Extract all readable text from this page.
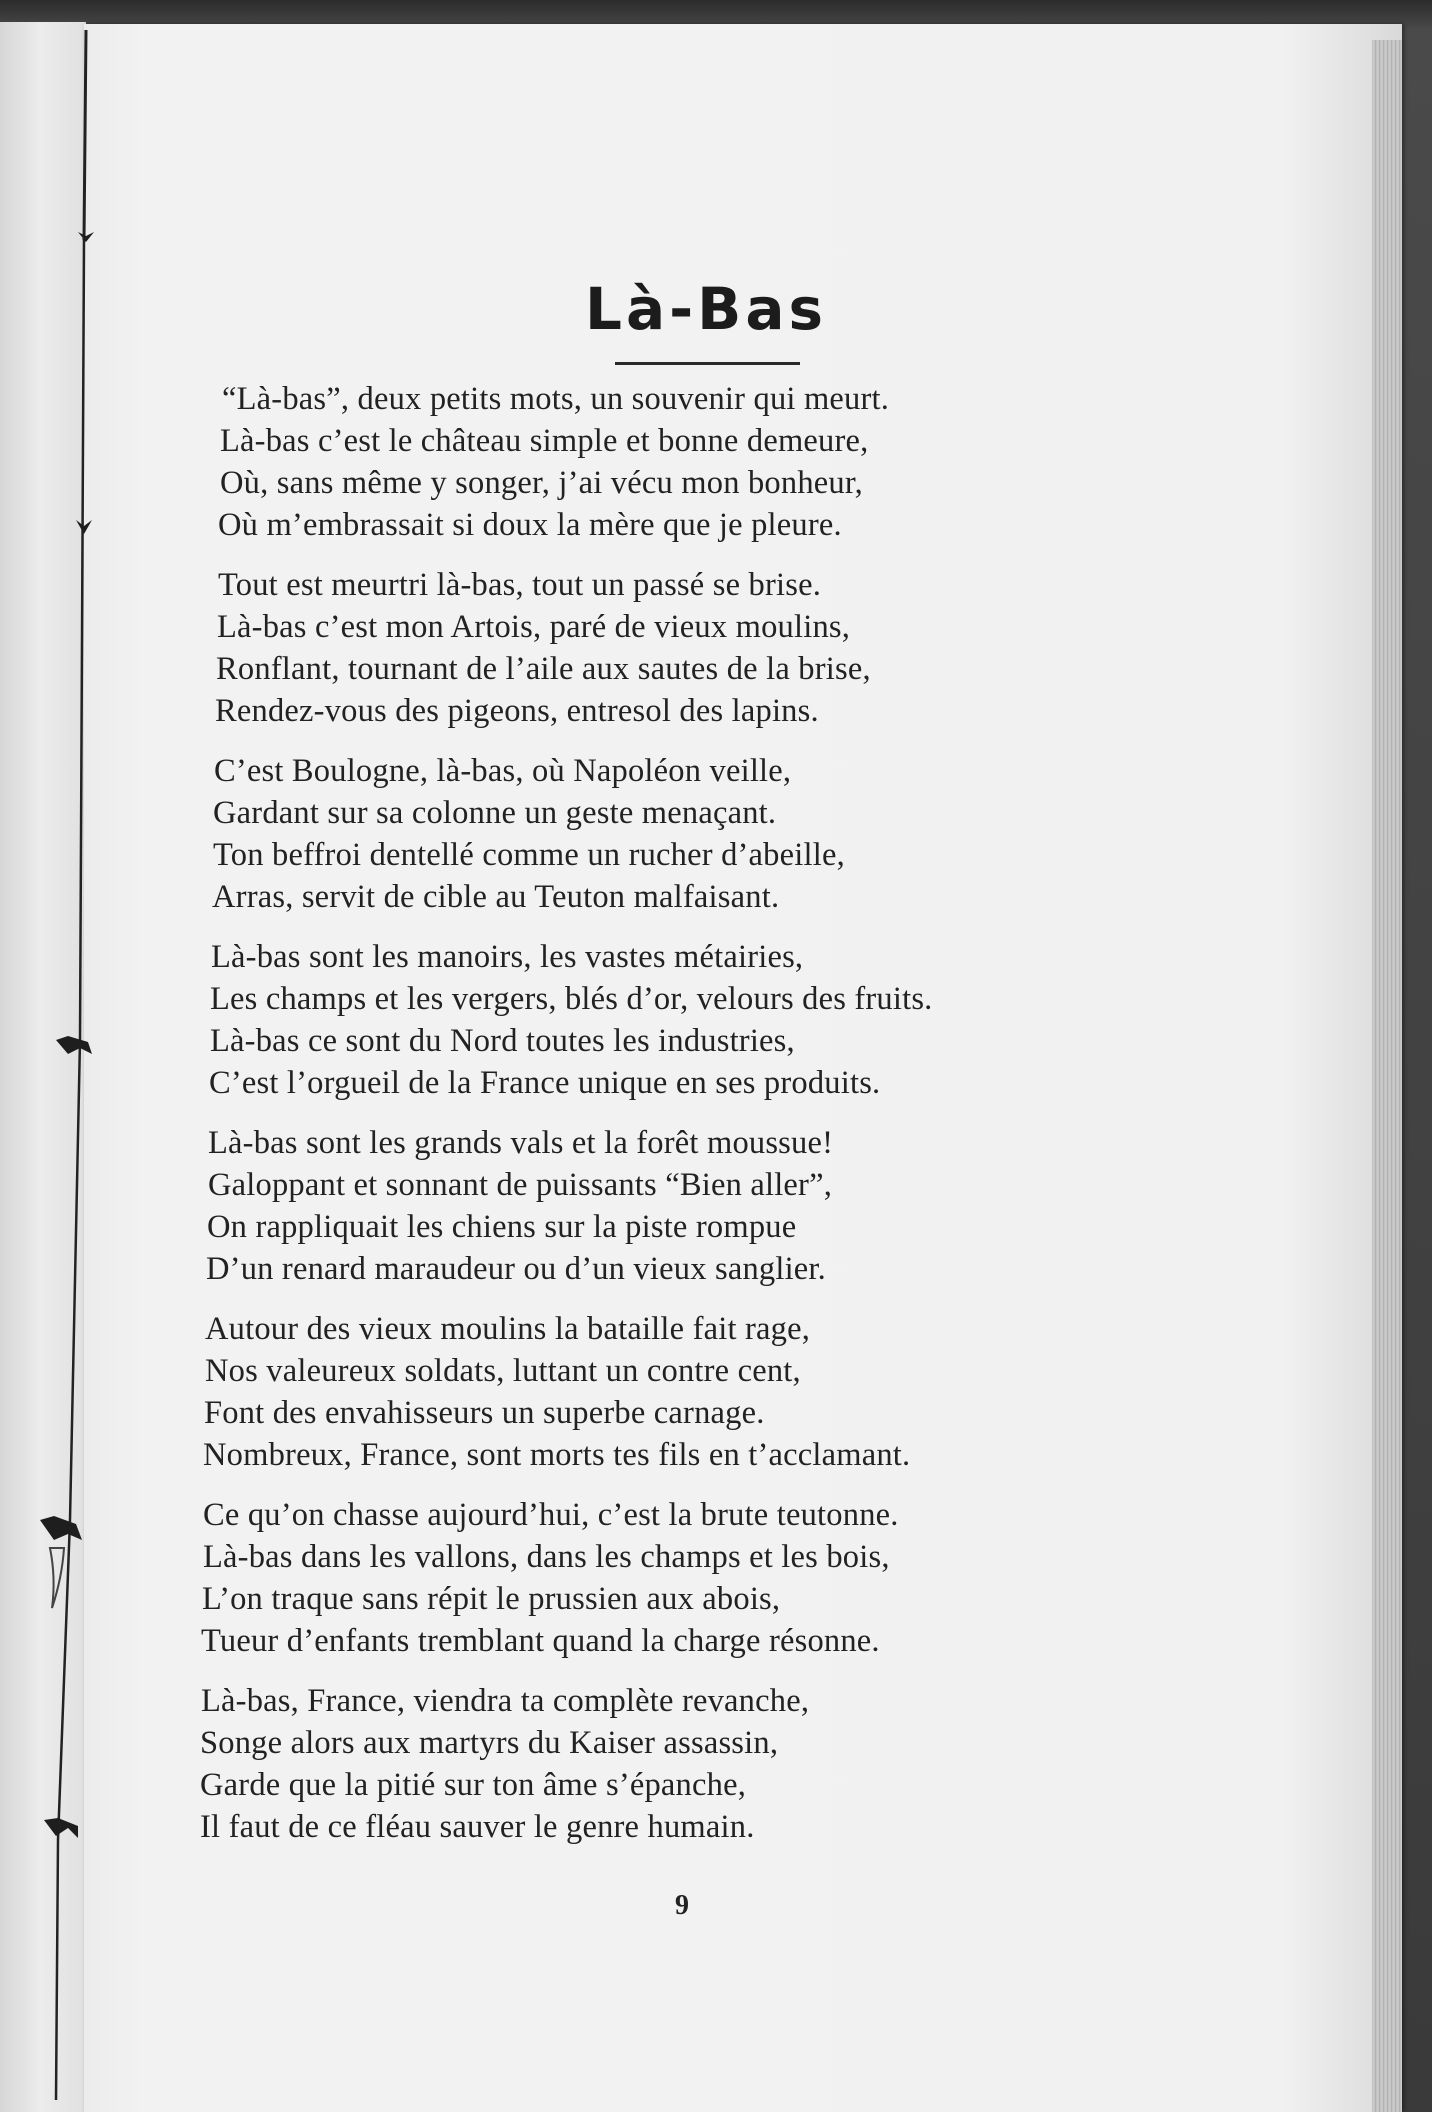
Là-Bas
“Là-bas”, deux petits mots, un souvenir qui meurt.
Là-bas c’est le château simple et bonne demeure,
Où, sans même y songer, j’ai vécu mon bonheur,
Où m’embrassait si doux la mère que je pleure.
Tout est meurtri là-bas, tout un passé se brise.
Là-bas c’est mon Artois, paré de vieux moulins,
Ronflant, tournant de l’aile aux sautes de la brise,
Rendez-vous des pigeons, entresol des lapins.
C’est Boulogne, là-bas, où Napoléon veille,
Gardant sur sa colonne un geste menaçant.
Ton beffroi dentellé comme un rucher d’abeille,
Arras, servit de cible au Teuton malfaisant.
Là-bas sont les manoirs, les vastes métairies,
Les champs et les vergers, blés d’or, velours des fruits.
Là-bas ce sont du Nord toutes les industries,
C’est l’orgueil de la France unique en ses produits.
Là-bas sont les grands vals et la forêt moussue!
Galoppant et sonnant de puissants “Bien aller”,
On rappliquait les chiens sur la piste rompue
D’un renard maraudeur ou d’un vieux sanglier.
Autour des vieux moulins la bataille fait rage,
Nos valeureux soldats, luttant un contre cent,
Font des envahisseurs un superbe carnage.
Nombreux, France, sont morts tes fils en t’acclamant.
Ce qu’on chasse aujourd’hui, c’est la brute teutonne.
Là-bas dans les vallons, dans les champs et les bois,
L’on traque sans répit le prussien aux abois,
Tueur d’enfants tremblant quand la charge résonne.
Là-bas, France, viendra ta complète revanche,
Songe alors aux martyrs du Kaiser assassin,
Garde que la pitié sur ton âme s’épanche,
Il faut de ce fléau sauver le genre humain.
9
